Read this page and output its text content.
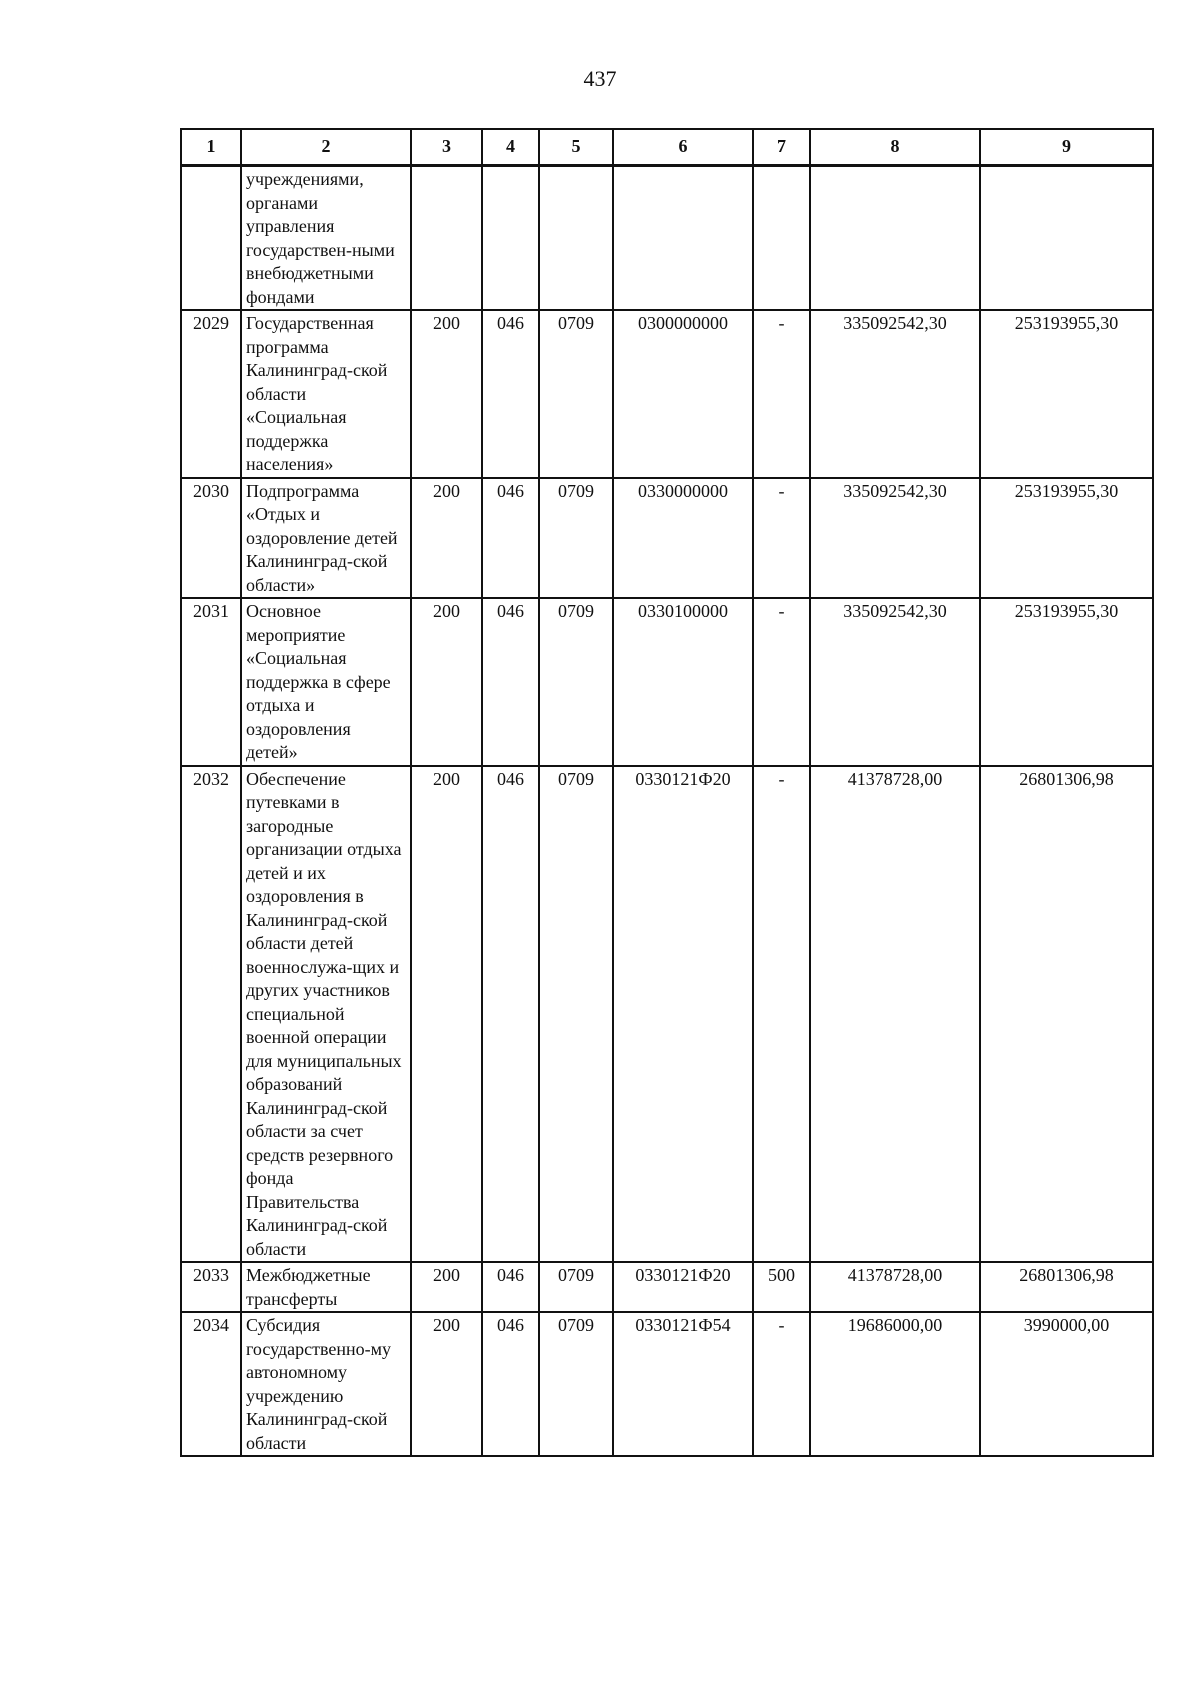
437
1	2	3	4	5	6	7	8	9
	учреждениями, органами управления государствен-ными внебюджетными фондами							
2029	Государственная программа Калининград-ской области «Социальная поддержка населения»	200	046	0709	0300000000	-	335092542,30	253193955,30
2030	Подпрограмма «Отдых и оздоровление детей Калининград-ской области»	200	046	0709	0330000000	-	335092542,30	253193955,30
2031	Основное мероприятие «Социальная поддержка в сфере отдыха и оздоровления детей»	200	046	0709	0330100000	-	335092542,30	253193955,30
2032	Обеспечение путевками в загородные организации отдыха детей и их оздоровления в Калининград-ской области детей военнослужа-щих и других участников специальной военной операции для муниципальных образований Калининград-ской области за счет средств резервного фонда Правительства Калининград-ской области	200	046	0709	0330121Ф20	-	41378728,00	26801306,98
2033	Межбюджетные трансферты	200	046	0709	0330121Ф20	500	41378728,00	26801306,98
2034	Субсидия государственно-му автономному учреждению Калининград-ской области	200	046	0709	0330121Ф54	-	19686000,00	3990000,00
